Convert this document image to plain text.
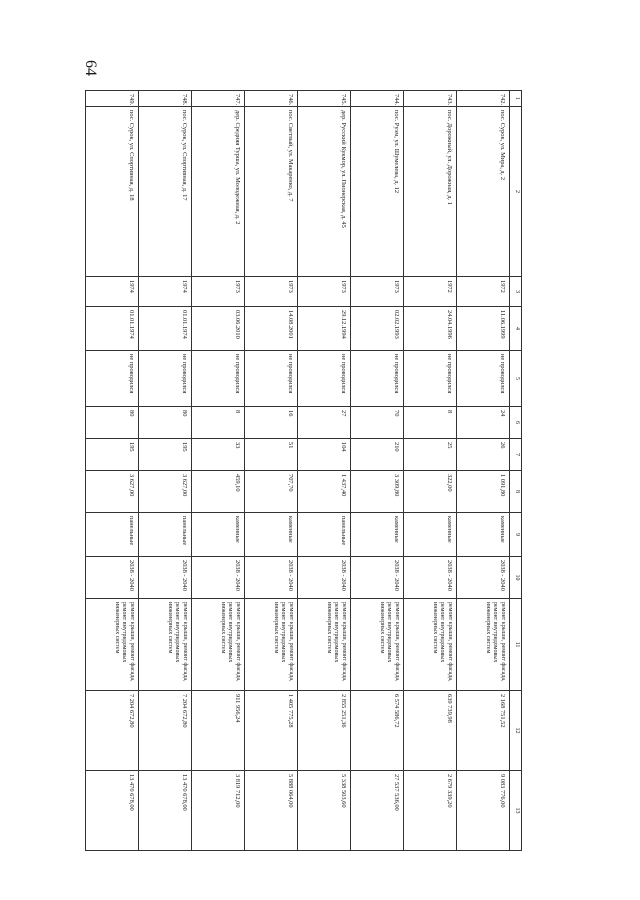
64
1	2	3	4	5	6	7	8	9	10	11	12	13
742.	пос. Сурок, ул. Мира, д. 2	1972	11.06.1999	не проводился	24	26	1 091,80	каменные	2038 - 2040	ремонт крыши, ремонт фасада, ремонт внутридомовых инженерных систем	2 168 751,52	9 083 776,00
743.	пос. Дорожный, ул. Дорожная, д. 1	1972	24.04.1996	не проводился	8	25	322,00	каменные	2038 - 2040	ремонт крыши, ремонт фасада, ремонт внутридомовых инженерных систем	639 739,98	2 679 339,20
744.	пос. Руэм, ул. Шумелева, д. 12	1973	02.02.1993	не проводился	70	210	3 309,80	каменные	2038 - 2040	ремонт крыши, ремонт фасада, ремонт внутридомовых инженерных систем	6 574 586,72	27 537 536,00
745.	дер. Русский Кукмор, ул. Пионерская, д. 45	1973	29.12.1994	не проводился	27	104	1 437,40	панельные	2038 - 2040	ремонт крыши, ремонт фасада, ремонт внутридомовых инженерных систем	2 855 251,36	5 338 503,60
746.	пос. Светлый, ул. Макаренко, д. 7	1973	14.08.2001	не проводился	16	51	707,70	каменные	2038 - 2040	ремонт крыши, ремонт фасада, ремонт внутридомовых инженерных систем	1 405 775,28	5 888 064,00
747.	дер. Средняя Турша, ул. Молодежная, д. 2	1973	03.06.2010	не проводился	8	33	459,10	каменные	2038 - 2040	ремонт крыши, ремонт фасада, ремонт внутридомовых инженерных систем	911 956,24	3 819 712,00
748.	пос. Сурок, ул. Спортивная, д. 17	1974	01.01.1974	не проводился	80	195	3 627,00	панельные	2038 - 2040	ремонт крыши, ремонт фасада, ремонт внутридомовых инженерных систем	7 204 672,80	13 470 678,00
749.	пос. Сурок, ул. Спортивная, д. 18	1974	01.01.1974	не проводился	80	195	3 627,00	панельные	2038 - 2040	ремонт крыши, ремонт фасада, ремонт внутридомовых инженерных систем	7 204 672,80	13 470 678,00
